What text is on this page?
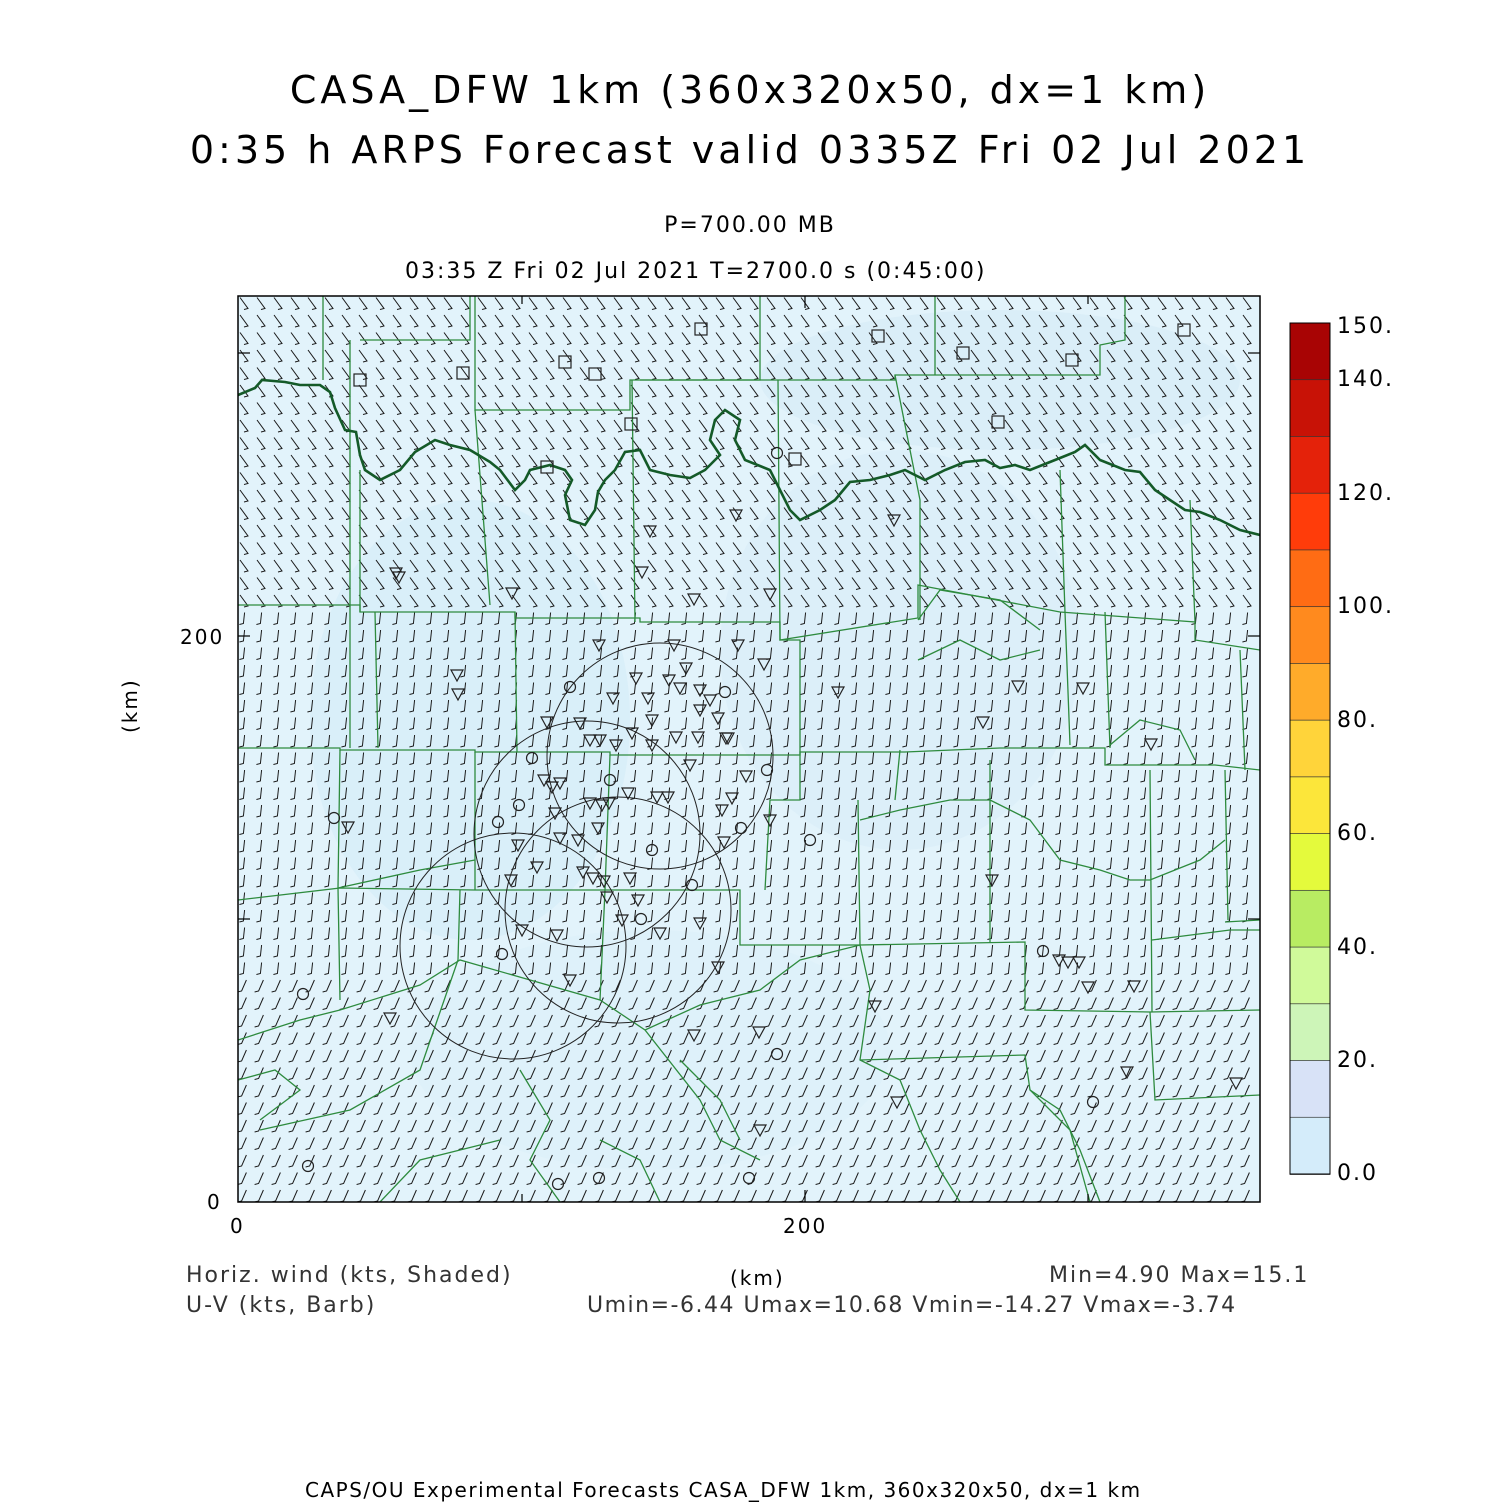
CASA_DFW 1km (360x320x50, dx=1 km)
0:35 h ARPS Forecast valid 0335Z Fri 02 Jul 2021
P=700.00 MB
03:35 Z Fri 02 Jul 2021 T=2700.0 s (0:45:00)
200
0
0	200
(km)
(km)
150.
140.
120.
100.
80.
60.
40.
20.
0.0
Horiz. wind (kts, Shaded)
U-V (kts, Barb)
Min=4.90 Max=15.1
Umin=-6.44 Umax=10.68 Vmin=-14.27 Vmax=-3.74
CAPS/OU Experimental Forecasts CASA_DFW 1km, 360x320x50, dx=1 km
